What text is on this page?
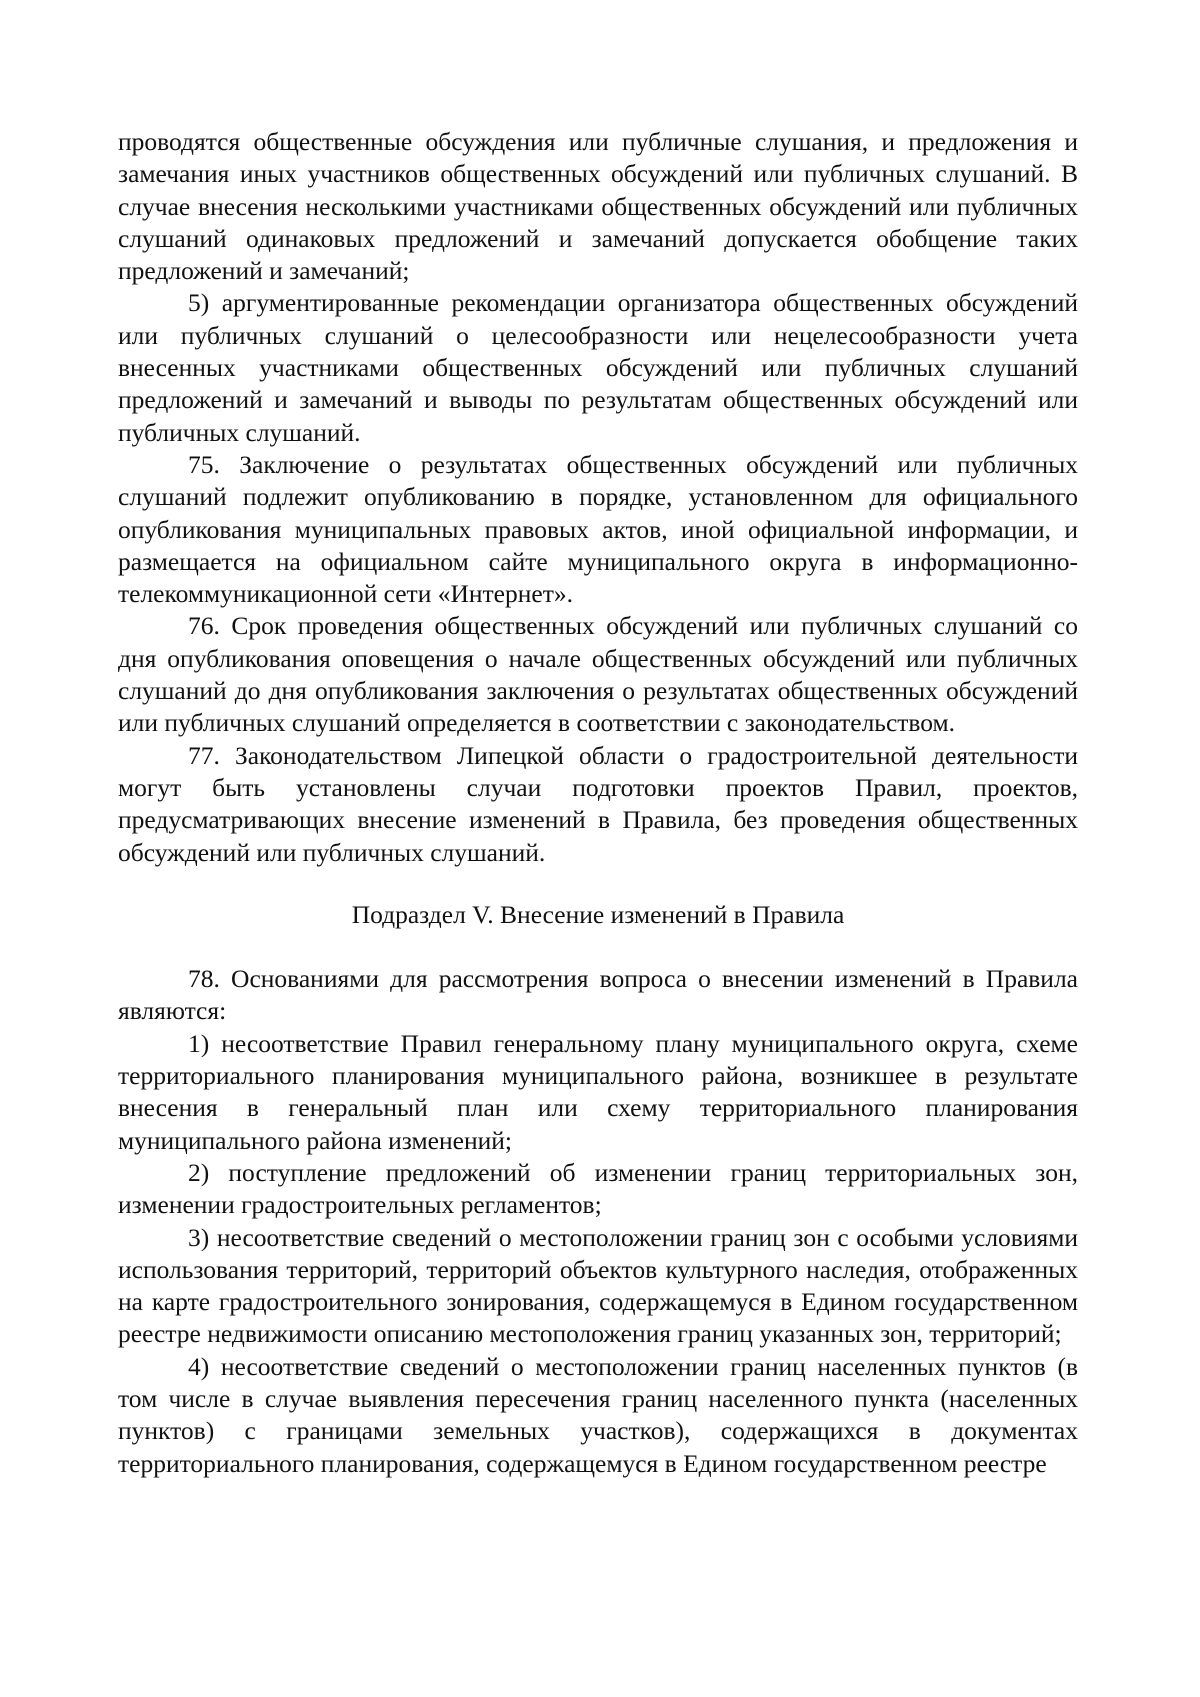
проводятся общественные обсуждения или публичные слушания, и предложения и замечания иных участников общественных обсуждений или публичных слушаний. В случае внесения несколькими участниками общественных обсуждений или публичных слушаний одинаковых предложений и замечаний допускается обобщение таких предложений и замечаний;

5) аргументированные рекомендации организатора общественных обсуждений или публичных слушаний о целесообразности или нецелесообразности учета внесенных участниками общественных обсуждений или публичных слушаний предложений и замечаний и выводы по результатам общественных обсуждений или публичных слушаний.

75. Заключение о результатах общественных обсуждений или публичных слушаний подлежит опубликованию в порядке, установленном для официального опубликования муниципальных правовых актов, иной официальной информации, и размещается на официальном сайте муниципального округа в информационно-телекоммуникационной сети «Интернет».

76. Срок проведения общественных обсуждений или публичных слушаний со дня опубликования оповещения о начале общественных обсуждений или публичных слушаний до дня опубликования заключения о результатах общественных обсуждений или публичных слушаний определяется в соответствии с законодательством.

77. Законодательством Липецкой области о градостроительной деятельности могут быть установлены случаи подготовки проектов Правил, проектов, предусматривающих внесение изменений в Правила, без проведения общественных обсуждений или публичных слушаний.

Подраздел V. Внесение изменений в Правила

78. Основаниями для рассмотрения вопроса о внесении изменений в Правила являются:

1) несоответствие Правил генеральному плану муниципального округа, схеме территориального планирования муниципального района, возникшее в результате внесения в генеральный план или схему территориального планирования муниципального района изменений;

2) поступление предложений об изменении границ территориальных зон, изменении градостроительных регламентов;

3) несоответствие сведений о местоположении границ зон с особыми условиями использования территорий, территорий объектов культурного наследия, отображенных на карте градостроительного зонирования, содержащемуся в Едином государственном реестре недвижимости описанию местоположения границ указанных зон, территорий;

4) несоответствие сведений о местоположении границ населенных пунктов (в том числе в случае выявления пересечения границ населенного пункта (населенных пунктов) с границами земельных участков), содержащихся в документах территориального планирования, содержащемуся в Едином государственном реестре
